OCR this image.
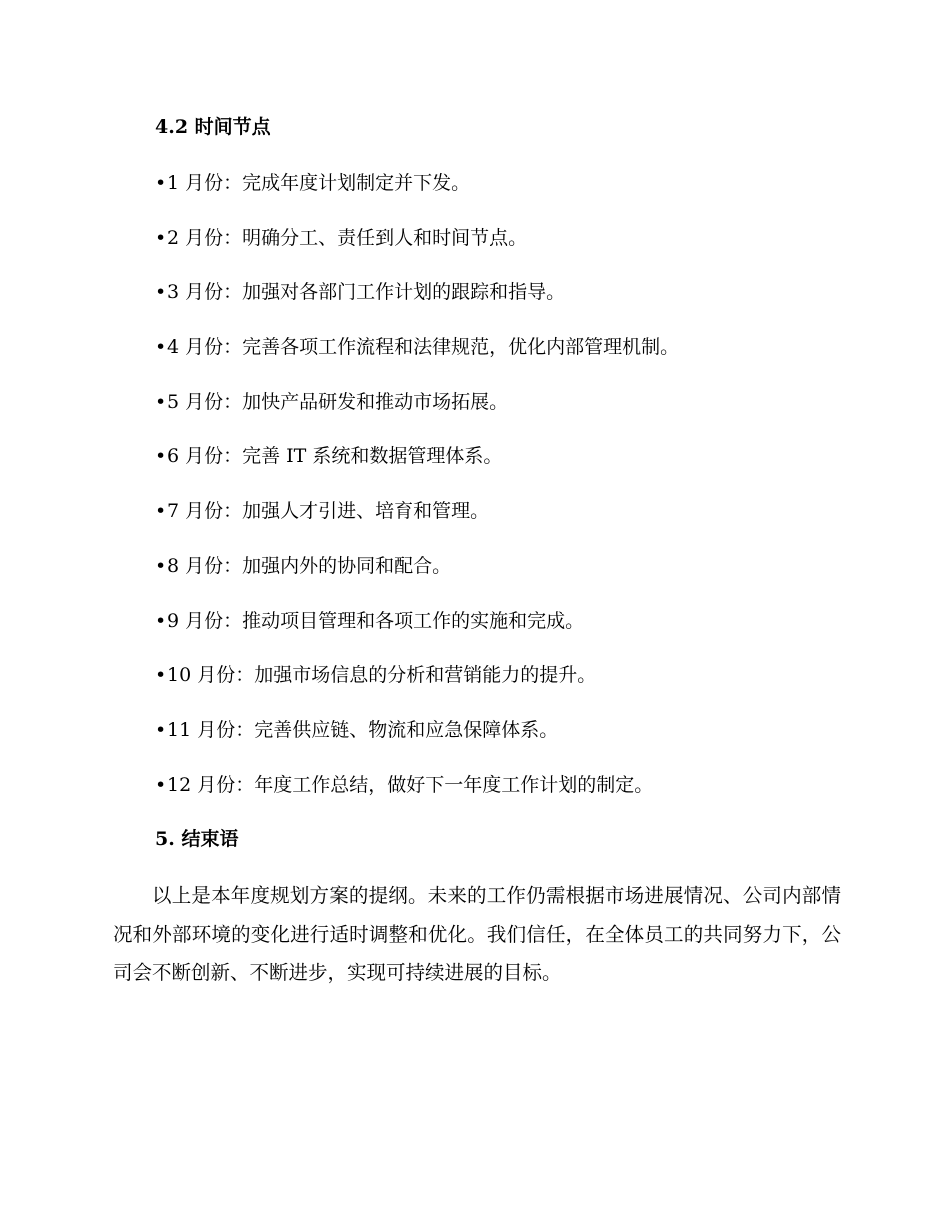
4.2 时间节点
•1 月份：完成年度计划制定并下发。
•2 月份：明确分工、责任到人和时间节点。
•3 月份：加强对各部门工作计划的跟踪和指导。
•4 月份：完善各项工作流程和法律规范，优化内部管理机制。
•5 月份：加快产品研发和推动市场拓展。
•6 月份：完善 IT 系统和数据管理体系。
•7 月份：加强人才引进、培育和管理。
•8 月份：加强内外的协同和配合。
•9 月份：推动项目管理和各项工作的实施和完成。
•10 月份：加强市场信息的分析和营销能力的提升。
•11 月份：完善供应链、物流和应急保障体系。
•12 月份：年度工作总结，做好下一年度工作计划的制定。
5. 结束语

以上是本年度规划方案的提纲。未来的工作仍需根据市场进展情况、公司内部情况和外部环境的变化进行适时调整和优化。我们信任，在全体员工的共同努力下，公司会不断创新、不断进步，实现可持续进展的目标。
